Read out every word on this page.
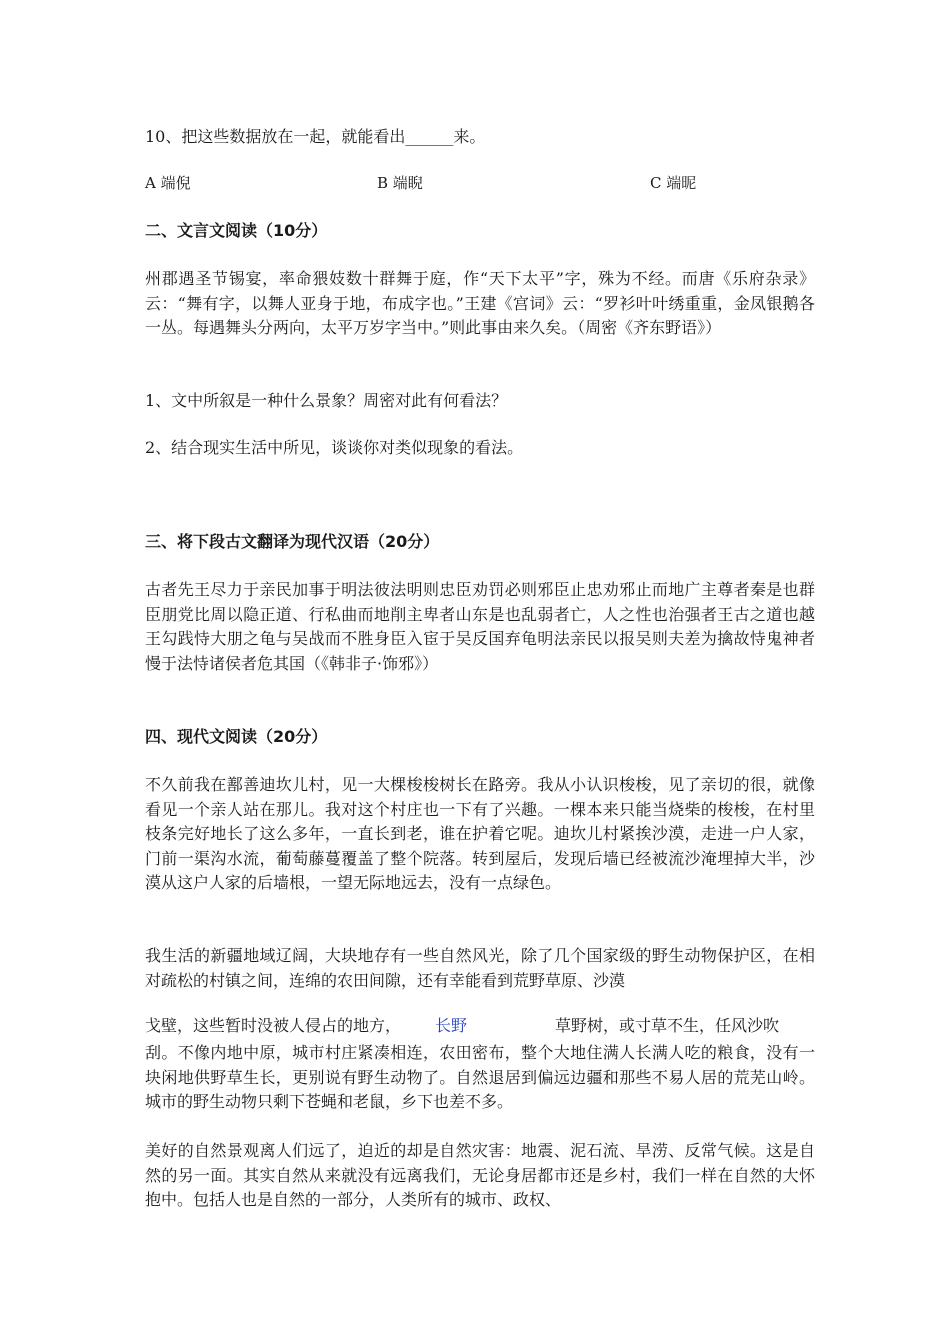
10、把这些数据放在一起，就能看出______来。

A 端倪	B 端睨	C 端昵

二、文言文阅读（10分）

州郡遇圣节锡宴，率命猥妓数十群舞于庭，作“天下太平”字，殊为不经。而唐《乐府杂录》云：“舞有字，以舞人亚身于地，布成字也。”王建《宫词》云：“罗衫叶叶绣重重，金凤银鹅各一丛。每遇舞头分两向，太平万岁字当中。”则此事由来久矣。（周密《齐东野语》）

1、文中所叙是一种什么景象？周密对此有何看法？

2、结合现实生活中所见，谈谈你对类似现象的看法。

三、将下段古文翻译为现代汉语（20分）

古者先王尽力于亲民加事于明法彼法明则忠臣劝罚必则邪臣止忠劝邪止而地广主尊者秦是也群臣朋党比周以隐正道、行私曲而地削主卑者山东是也乱弱者亡，人之性也治强者王古之道也越王勾践恃大朋之龟与吴战而不胜身臣入宦于吴反国弃龟明法亲民以报吴则夫差为擒故恃鬼神者慢于法恃诸侯者危其国（《韩非子·饰邪》）

四、现代文阅读（20分）

不久前我在鄯善迪坎儿村，见一大棵梭梭树长在路旁。我从小认识梭梭，见了亲切的很，就像看见一个亲人站在那儿。我对这个村庄也一下有了兴趣。一棵本来只能当烧柴的梭梭，在村里枝条完好地长了这么多年，一直长到老，谁在护着它呢。迪坎儿村紧挨沙漠，走进一户人家，门前一渠沟水流，葡萄藤蔓覆盖了整个院落。转到屋后，发现后墙已经被流沙淹埋掉大半，沙漠从这户人家的后墙根，一望无际地远去，没有一点绿色。

我生活的新疆地域辽阔，大块地存有一些自然风光，除了几个国家级的野生动物保护区，在相对疏松的村镇之间，连绵的农田间隙，还有幸能看到荒野草原、沙漠

戈壁，这些暂时没被人侵占的地方， 长野	草野树，或寸草不生，任风沙吹

刮。不像内地中原，城市村庄紧凑相连，农田密布，整个大地住满人长满人吃的粮食，没有一块闲地供野草生长，更别说有野生动物了。自然退居到偏远边疆和那些不易人居的荒芜山岭。城市的野生动物只剩下苍蝇和老鼠，乡下也差不多。

美好的自然景观离人们远了，迫近的却是自然灾害：地震、泥石流、旱涝、反常气候。这是自然的另一面。其实自然从来就没有远离我们，无论身居都市还是乡村，我们一样在自然的大怀抱中。包括人也是自然的一部分，人类所有的城市、政权、
